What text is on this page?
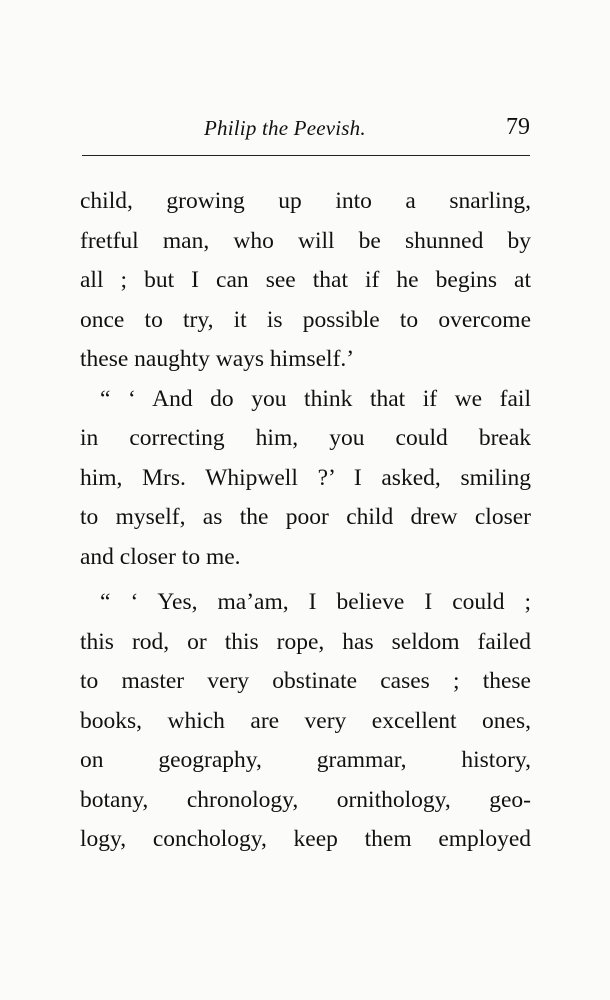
Philip the Peevish.	79
child, growing up into a snarling,
fretful man, who will be shunned by
all ; but I can see that if he begins at
once to try, it is possible to overcome
these naughty ways himself.’
“ ‘ And do you think that if we fail
in correcting him, you could break
him, Mrs. Whipwell ?’ I asked, smiling
to myself, as the poor child drew closer
and closer to me.
“ ‘ Yes, ma’am, I believe I could ;
this rod, or this rope, has seldom failed
to master very obstinate cases ; these
books, which are very excellent ones,
on geography, grammar, history,
botany, chronology, ornithology, geo-
logy, conchology, keep them employed
